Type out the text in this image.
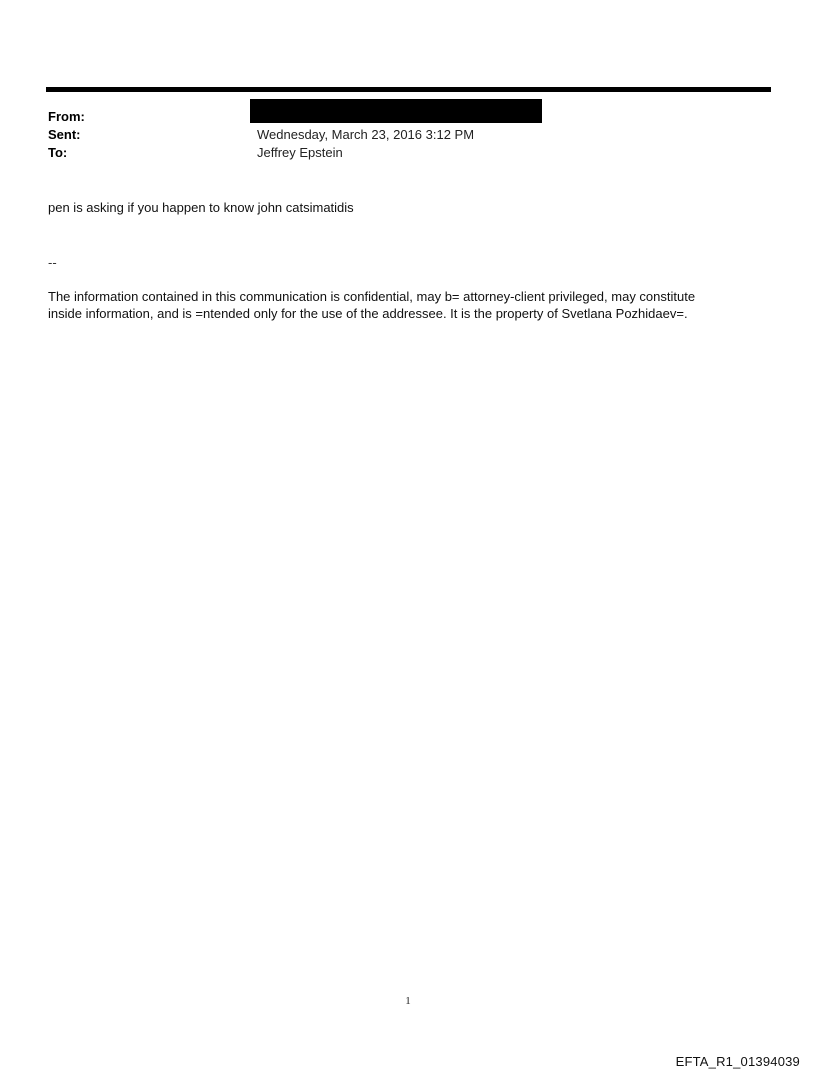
From:
Sent:	Wednesday, March 23, 2016 3:12 PM
To:	Jeffrey Epstein
pen is asking if you happen to know john catsimatidis
--
The information contained in this communication is confidential, may b= attorney-client privileged, may constitute
inside information, and is =ntended only for the use of the addressee. It is the property of Svetlana Pozhidaev=.
1
EFTA_R1_01394039
